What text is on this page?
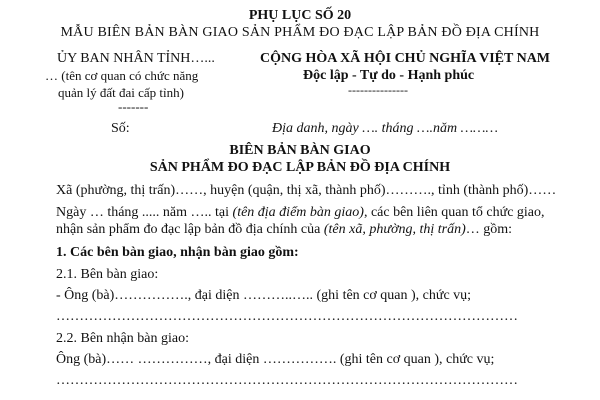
PHỤ LỤC SỐ 20
MẪU BIÊN BẢN BÀN GIAO SẢN PHẨM ĐO ĐẠC LẬP BẢN ĐỒ ĐỊA CHÍNH
ỦY BAN NHÂN TỈNH…...
… (tên cơ quan có chức năng
quản lý đất đai cấp tỉnh)
-------
CỘNG HÒA XÃ HỘI CHỦ NGHĨA VIỆT NAM
Độc lập - Tự do - Hạnh phúc
---------------
Số:	Địa danh, ngày …. tháng ….năm ………
BIÊN BẢN BÀN GIAO
SẢN PHẨM ĐO ĐẠC LẬP BẢN ĐỒ ĐỊA CHÍNH
Xã (phường, thị trấn)……, huyện (quận, thị xã, thành phố)………., tỉnh (thành phố)……
Ngày … tháng ..... năm ….. tại (tên địa điểm bàn giao), các bên liên quan tổ chức giao,
nhận sản phẩm đo đạc lập bản đồ địa chính của (tên xã, phường, thị trấn)… gồm:
1. Các bên bàn giao, nhận bàn giao gồm:
2.1. Bên bàn giao:
- Ông (bà)……………., đại diện ………..….. (ghi tên cơ quan ), chức vụ;
………………………………………………………………………………………
2.2. Bên nhận bàn giao:
Ông (bà)…… ……………, đại diện ……………. (ghi tên cơ quan ), chức vụ;
………………………………………………………………………………………
